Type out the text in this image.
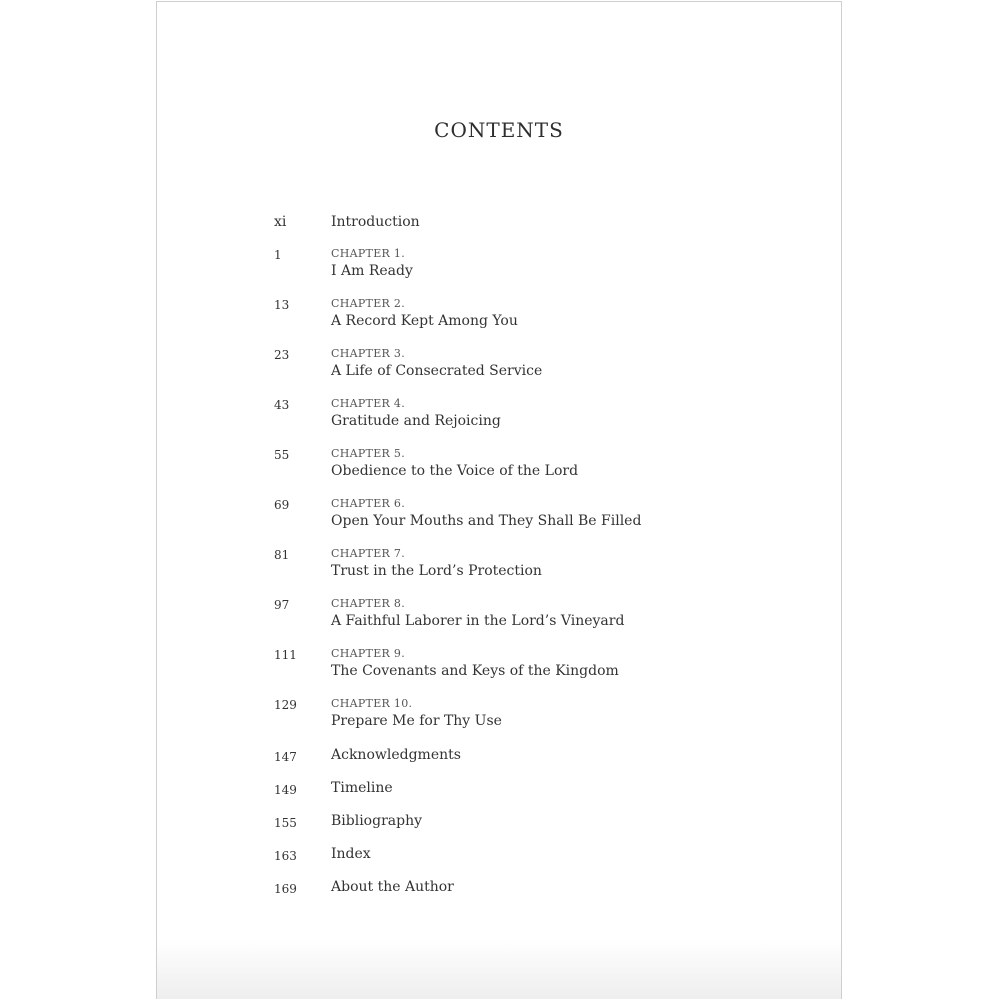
CONTENTS
xi	Introduction
1	CHAPTER 1.
I Am Ready
13	CHAPTER 2.
A Record Kept Among You
23	CHAPTER 3.
A Life of Consecrated Service
43	CHAPTER 4.
Gratitude and Rejoicing
55	CHAPTER 5.
Obedience to the Voice of the Lord
69	CHAPTER 6.
Open Your Mouths and They Shall Be Filled
81	CHAPTER 7.
Trust in the Lord’s Protection
97	CHAPTER 8.
A Faithful Laborer in the Lord’s Vineyard
111	CHAPTER 9.
The Covenants and Keys of the Kingdom
129	CHAPTER 10.
Prepare Me for Thy Use
147 Acknowledgments
149 Timeline
155 Bibliography
163 Index
169 About the Author
